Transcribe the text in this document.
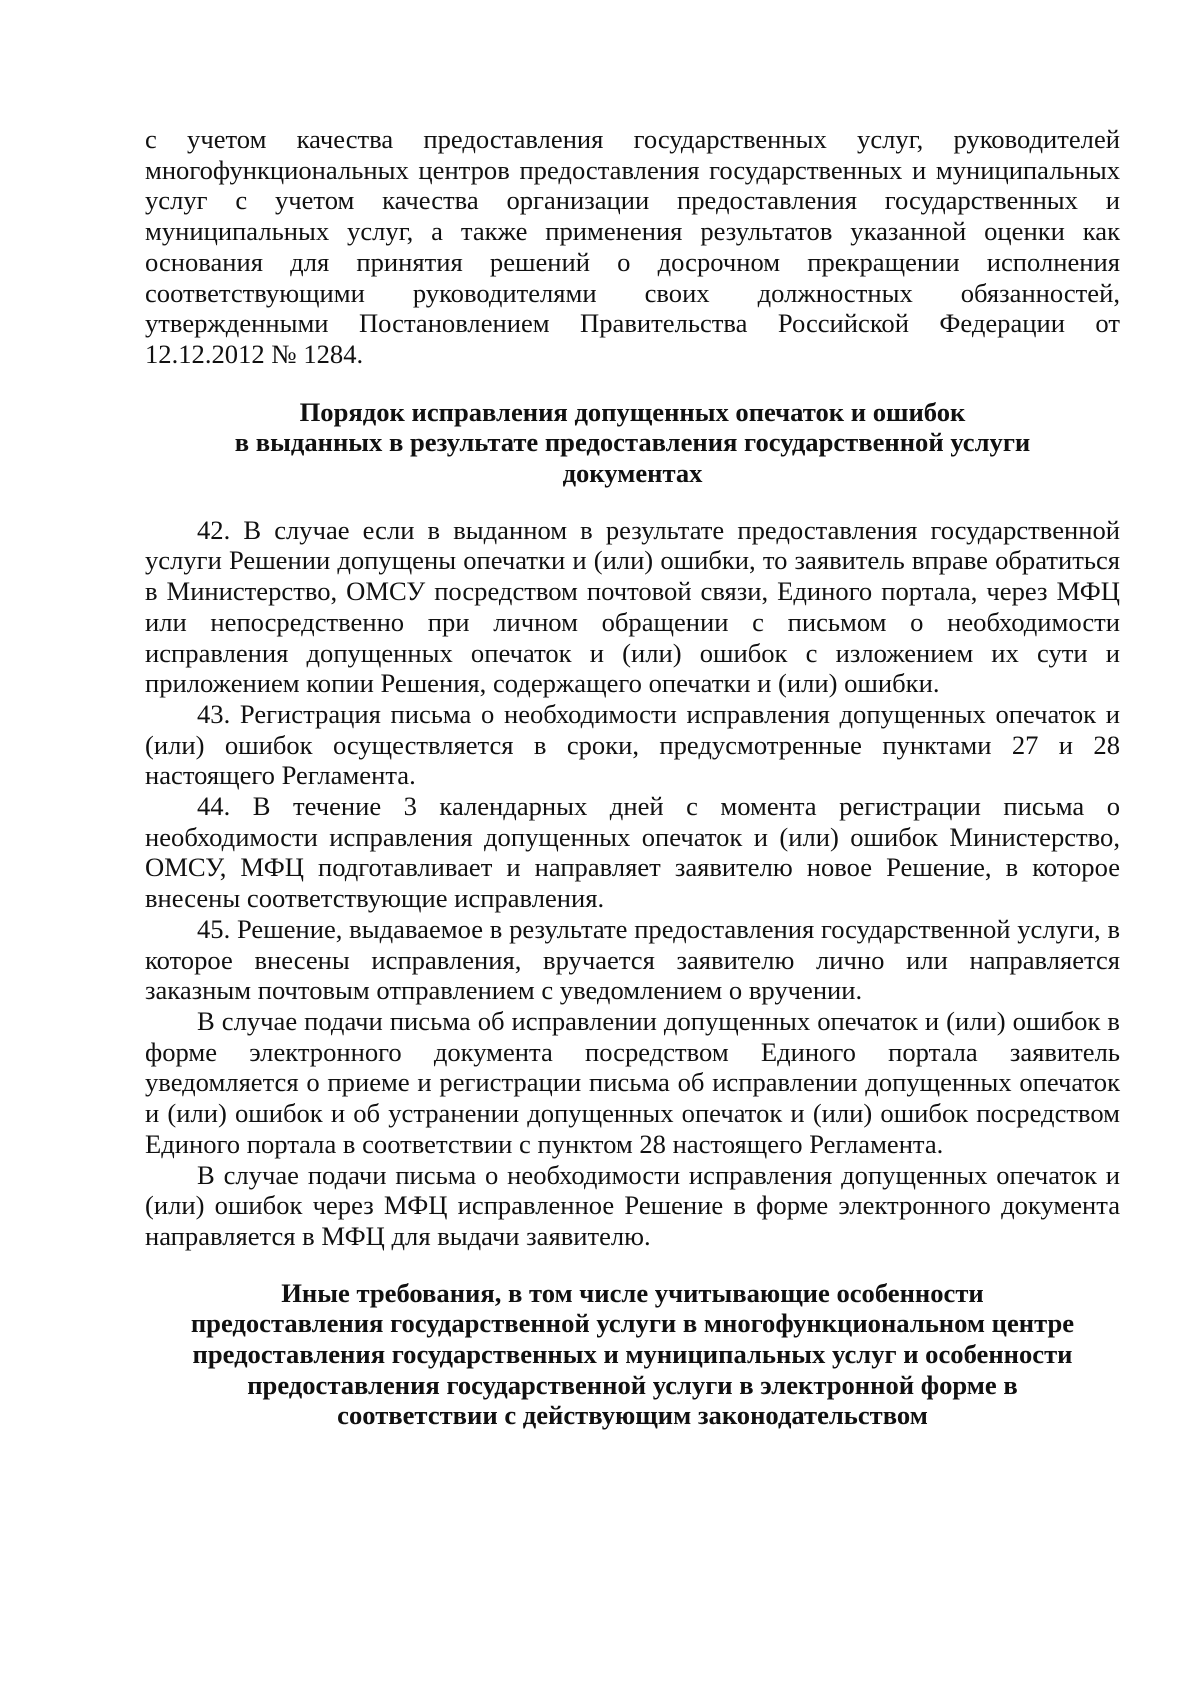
с учетом качества предоставления государственных услуг, руководителей многофункциональных центров предоставления государственных и муниципальных услуг с учетом качества организации предоставления государственных и муниципальных услуг, а также применения результатов указанной оценки как основания для принятия решений о досрочном прекращении исполнения соответствующими руководителями своих должностных обязанностей, утвержденными Постановлением Правительства Российской Федерации от 12.12.2012 № 1284.

Порядок исправления допущенных опечаток и ошибок
в выданных в результате предоставления государственной услуги
документах

42. В случае если в выданном в результате предоставления государственной услуги Решении допущены опечатки и (или) ошибки, то заявитель вправе обратиться в Министерство, ОМСУ посредством почтовой связи, Единого портала, через МФЦ или непосредственно при личном обращении с письмом о необходимости исправления допущенных опечаток и (или) ошибок с изложением их сути и приложением копии Решения, содержащего опечатки и (или) ошибки.

43. Регистрация письма о необходимости исправления допущенных опечаток и (или) ошибок осуществляется в сроки, предусмотренные пунктами 27 и 28 настоящего Регламента.

44. В течение 3 календарных дней с момента регистрации письма о необходимости исправления допущенных опечаток и (или) ошибок Министерство, ОМСУ, МФЦ подготавливает и направляет заявителю новое Решение, в которое внесены соответствующие исправления.

45. Решение, выдаваемое в результате предоставления государственной услуги, в которое внесены исправления, вручается заявителю лично или направляется заказным почтовым отправлением с уведомлением о вручении.

В случае подачи письма об исправлении допущенных опечаток и (или) ошибок в форме электронного документа посредством Единого портала заявитель уведомляется о приеме и регистрации письма об исправлении допущенных опечаток и (или) ошибок и об устранении допущенных опечаток и (или) ошибок посредством Единого портала в соответствии с пунктом 28 настоящего Регламента.

В случае подачи письма о необходимости исправления допущенных опечаток и (или) ошибок через МФЦ исправленное Решение в форме электронного документа направляется в МФЦ для выдачи заявителю.

Иные требования, в том числе учитывающие особенности
предоставления государственной услуги в многофункциональном центре
предоставления государственных и муниципальных услуг и особенности
предоставления государственной услуги в электронной форме в
соответствии с действующим законодательством
